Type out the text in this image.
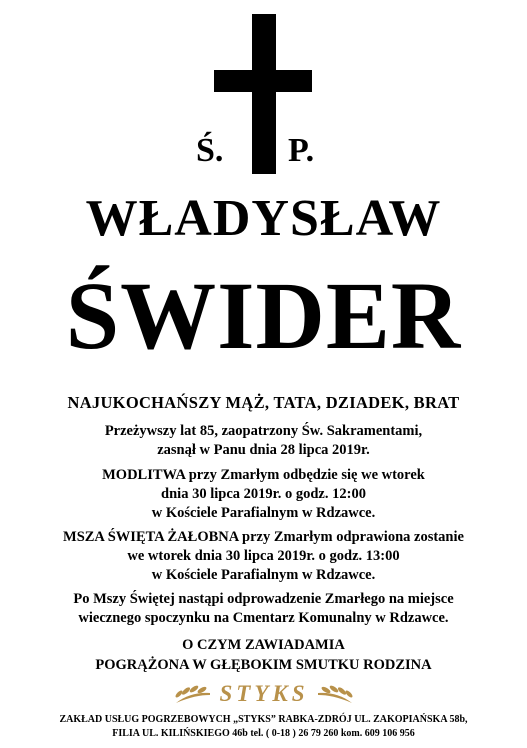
Ś. P.
WŁADYSŁAW
ŚWIDER
NAJUKOCHAŃSZY MĄŻ, TATA, DZIADEK, BRAT
Przeżywszy lat 85, zaopatrzony Św. Sakramentami,
zasnął w Panu dnia 28 lipca 2019r.
MODLITWA przy Zmarłym odbędzie się we wtorek
dnia 30 lipca 2019r. o godz. 12:00
w Kościele Parafialnym w Rdzawce.
MSZA ŚWIĘTA ŻAŁOBNA przy Zmarłym odprawiona zostanie
we wtorek dnia 30 lipca 2019r. o godz. 13:00
w Kościele Parafialnym w Rdzawce.
Po Mszy Świętej nastąpi odprowadzenie Zmarłego na miejsce
wiecznego spoczynku na Cmentarz Komunalny w Rdzawce.
O CZYM ZAWIADAMIA
POGRĄŻONA W GŁĘBOKIM SMUTKU RODZINA
STYKS
ZAKŁAD USŁUG POGRZEBOWYCH „STYKS” RABKA-ZDRÓJ UL. ZAKOPIAŃSKA 58b,
FILIA UL. KILIŃSKIEGO 46b tel. ( 0-18 ) 26 79 260 kom. 609 106 956
